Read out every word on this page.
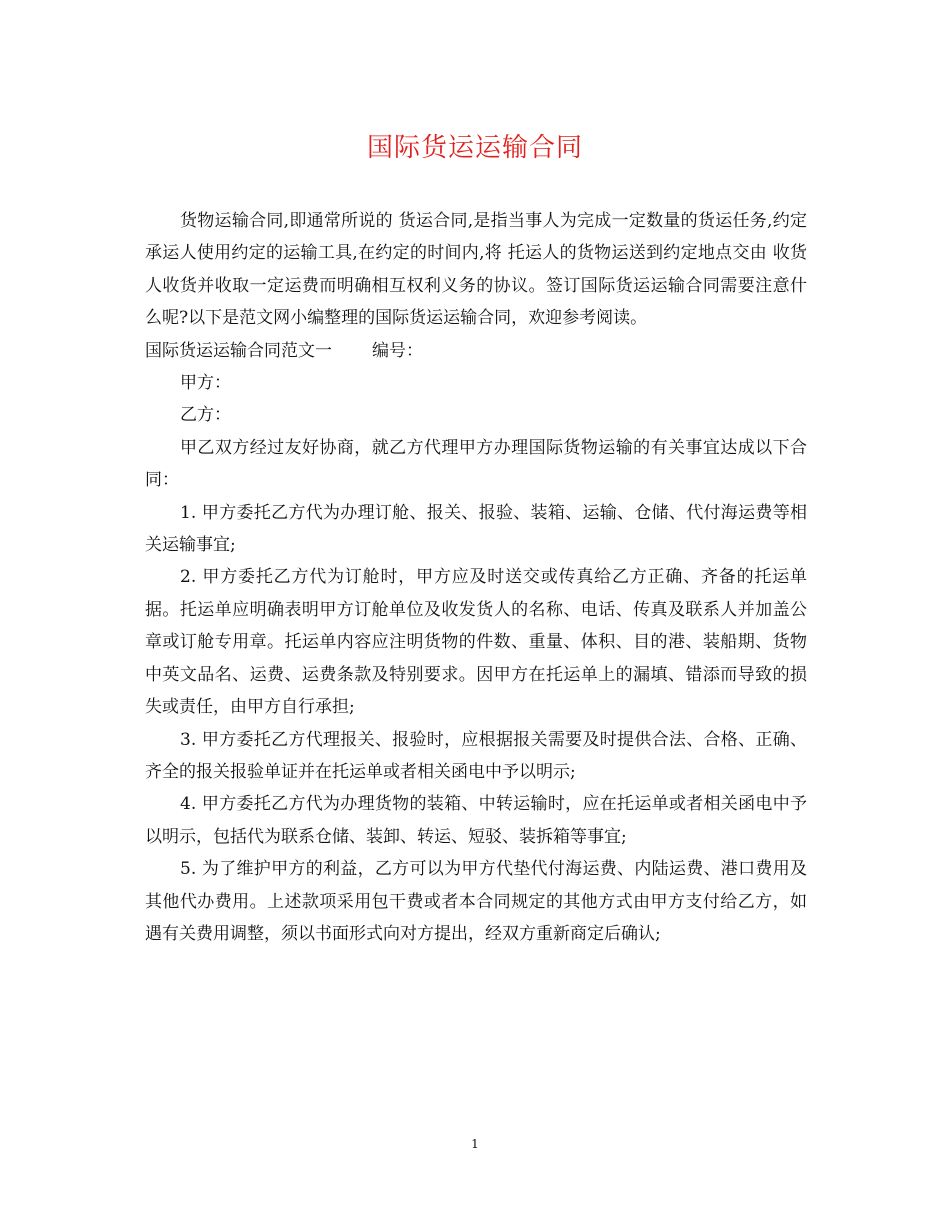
国际货运运输合同

货物运输合同,即通常所说的 货运合同,是指当事人为完成一定数量的货运任务,约定 承运人使用约定的运输工具,在约定的时间内,将 托运人的货物运送到约定地点交由 收货人收货并收取一定运费而明确相互权利义务的协议。签订国际货运运输合同需要注意什么呢?以下是范文网小编整理的国际货运运输合同，欢迎参考阅读。

国际货运运输合同范文一 编号：

甲方：

乙方：

甲乙双方经过友好协商，就乙方代理甲方办理国际货物运输的有关事宜达成以下合同：

1. 甲方委托乙方代为办理订舱、报关、报验、装箱、运输、仓储、代付海运费等相关运输事宜;

2. 甲方委托乙方代为订舱时，甲方应及时送交或传真给乙方正确、齐备的托运单据。托运单应明确表明甲方订舱单位及收发货人的名称、电话、传真及联系人并加盖公章或订舱专用章。托运单内容应注明货物的件数、重量、体积、目的港、装船期、货物中英文品名、运费、运费条款及特别要求。因甲方在托运单上的漏填、错添而导致的损失或责任，由甲方自行承担;

3. 甲方委托乙方代理报关、报验时，应根据报关需要及时提供合法、合格、正确、齐全的报关报验单证并在托运单或者相关函电中予以明示;

4. 甲方委托乙方代为办理货物的装箱、中转运输时，应在托运单或者相关函电中予以明示，包括代为联系仓储、装卸、转运、短驳、装拆箱等事宜;

5. 为了维护甲方的利益，乙方可以为甲方代垫代付海运费、内陆运费、港口费用及其他代办费用。上述款项采用包干费或者本合同规定的其他方式由甲方支付给乙方，如遇有关费用调整，须以书面形式向对方提出，经双方重新商定后确认;

1
